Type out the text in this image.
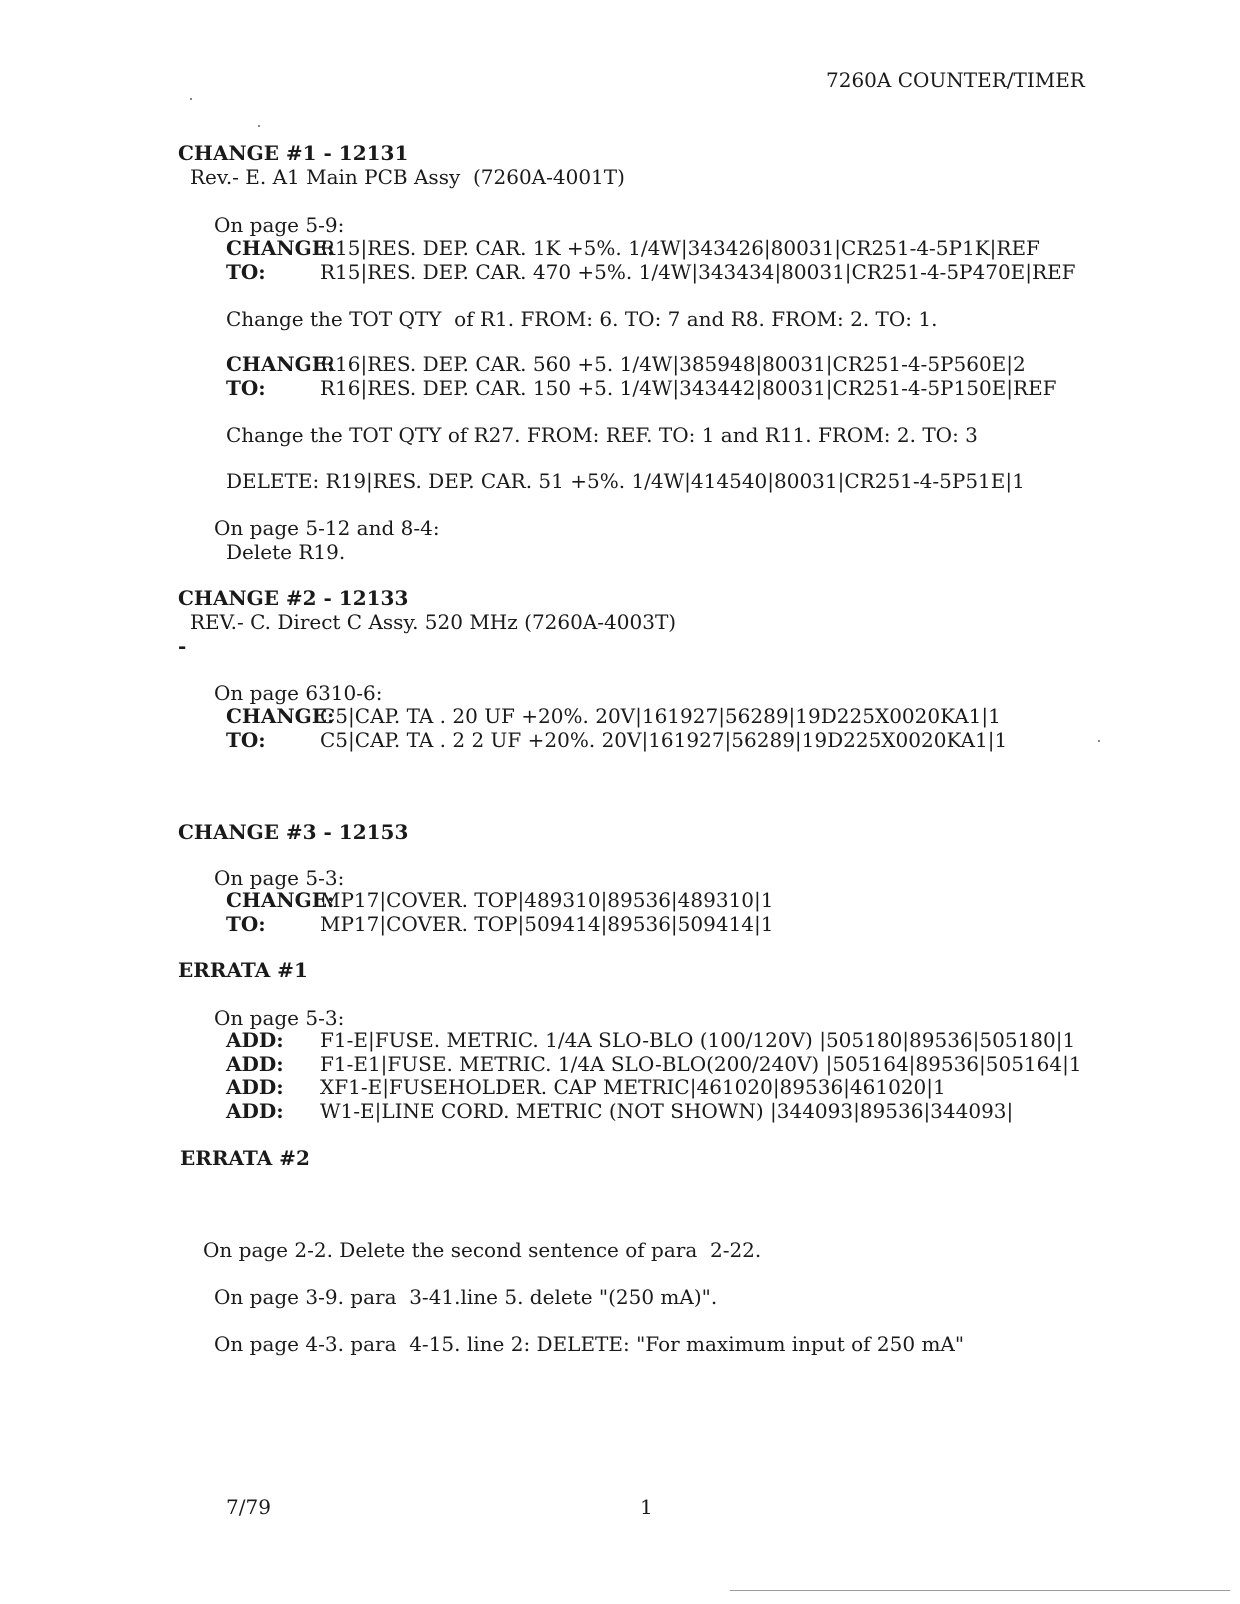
7260A COUNTER/TIMER
CHANGE #1 - 12131
Rev.- E. A1 Main PCB Assy  (7260A-4001T)
On page 5-9:
CHANGE:R15|RES. DEP. CAR. 1K +5%. 1/4W|343426|80031|CR251-4-5P1K|REF
TO:	R15|RES. DEP. CAR. 470 +5%. 1/4W|343434|80031|CR251-4-5P470E|REF
Change the TOT QTY  of R1. FROM: 6. TO: 7 and R8. FROM: 2. TO: 1.
CHANGE:R16|RES. DEP. CAR. 560 +5. 1/4W|385948|80031|CR251-4-5P560E|2
TO:	R16|RES. DEP. CAR. 150 +5. 1/4W|343442|80031|CR251-4-5P150E|REF
Change the TOT QTY of R27. FROM: REF. TO: 1 and R11. FROM: 2. TO: 3
DELETE: R19|RES. DEP. CAR. 51 +5%. 1/4W|414540|80031|CR251-4-5P51E|1
On page 5-12 and 8-4:
Delete R19.
CHANGE #2 - 12133
REV.- C. Direct C Assy. 520 MHz (7260A-4003T)
-
On page 6310-6:
CHANGE:C5|CAP. TA . 20 UF +20%. 20V|161927|56289|19D225X0020KA1|1
TO:	C5|CAP. TA . 2 2 UF +20%. 20V|161927|56289|19D225X0020KA1|1
CHANGE #3 - 12153
On page 5-3:
CHANGE:MP17|COVER. TOP|489310|89536|489310|1
TO:	MP17|COVER. TOP|509414|89536|509414|1
ERRATA #1
On page 5-3:
ADD: F1-E|FUSE. METRIC. 1/4A SLO-BLO (100/120V) |505180|89536|505180|1
ADD: F1-E1|FUSE. METRIC. 1/4A SLO-BLO(200/240V) |505164|89536|505164|1
ADD: XF1-E|FUSEHOLDER. CAP METRIC|461020|89536|461020|1
ADD: W1-E|LINE CORD. METRIC (NOT SHOWN) |344093|89536|344093|
ERRATA #2
On page 2-2. Delete the second sentence of para  2-22.
On page 3-9. para  3-41.line 5. delete "(250 mA)".
On page 4-3. para  4-15. line 2: DELETE: "For maximum input of 250 mA"
7/79	1
